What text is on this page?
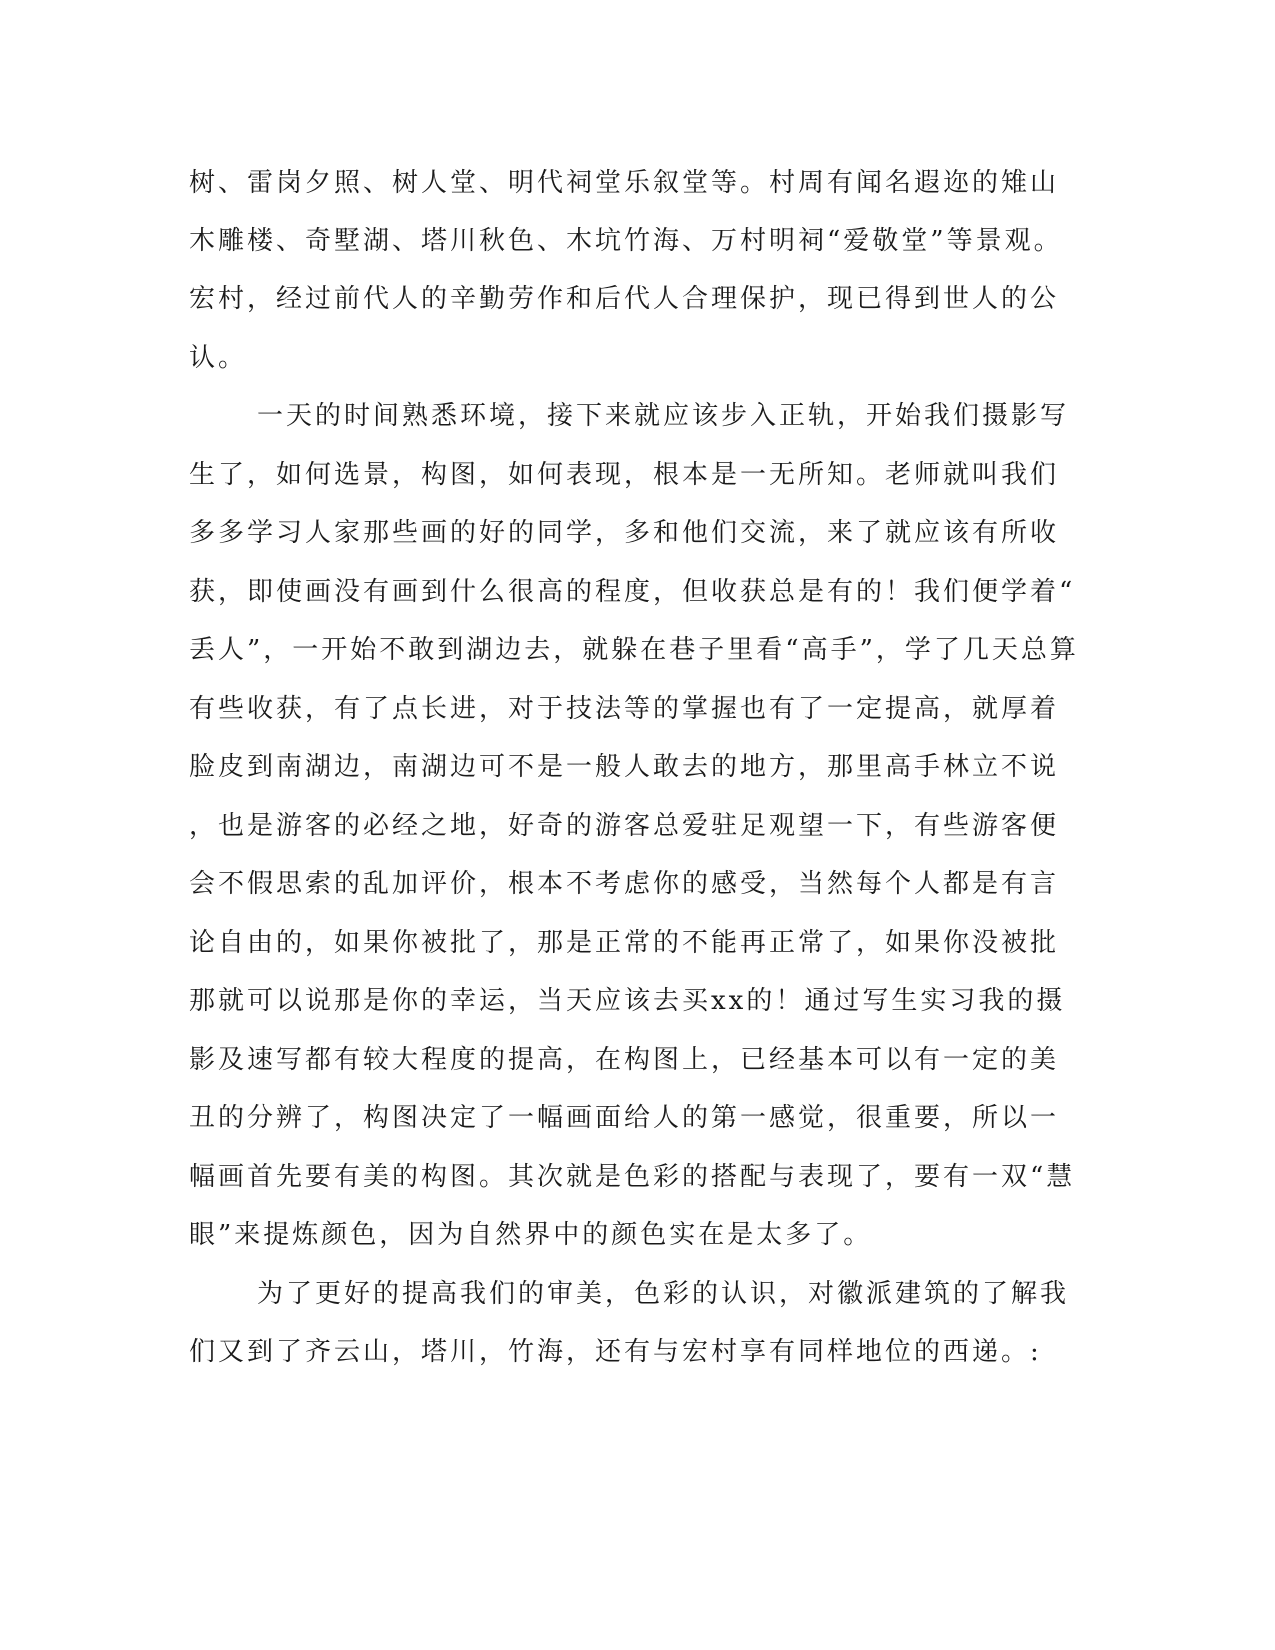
树、雷岗夕照、树人堂、明代祠堂乐叙堂等。村周有闻名遐迩的雉山
木雕楼、奇墅湖、塔川秋色、木坑竹海、万村明祠“爱敬堂”等景观。
宏村，经过前代人的辛勤劳作和后代人合理保护，现已得到世人的公
认。
一天的时间熟悉环境，接下来就应该步入正轨，开始我们摄影写
生了，如何选景，构图，如何表现，根本是一无所知。老师就叫我们
多多学习人家那些画的好的同学，多和他们交流，来了就应该有所收
获，即使画没有画到什么很高的程度，但收获总是有的！我们便学着“
丢人”，一开始不敢到湖边去，就躲在巷子里看“高手”，学了几天总算
有些收获，有了点长进，对于技法等的掌握也有了一定提高，就厚着
脸皮到南湖边，南湖边可不是一般人敢去的地方，那里高手林立不说
，也是游客的必经之地，好奇的游客总爱驻足观望一下，有些游客便
会不假思索的乱加评价，根本不考虑你的感受，当然每个人都是有言
论自由的，如果你被批了，那是正常的不能再正常了，如果你没被批
那就可以说那是你的幸运，当天应该去买xx的！通过写生实习我的摄
影及速写都有较大程度的提高，在构图上，已经基本可以有一定的美
丑的分辨了，构图决定了一幅画面给人的第一感觉，很重要，所以一
幅画首先要有美的构图。其次就是色彩的搭配与表现了，要有一双“慧
眼”来提炼颜色，因为自然界中的颜色实在是太多了。
为了更好的提高我们的审美，色彩的认识，对徽派建筑的了解我
们又到了齐云山，塔川，竹海，还有与宏村享有同样地位的西递。:
